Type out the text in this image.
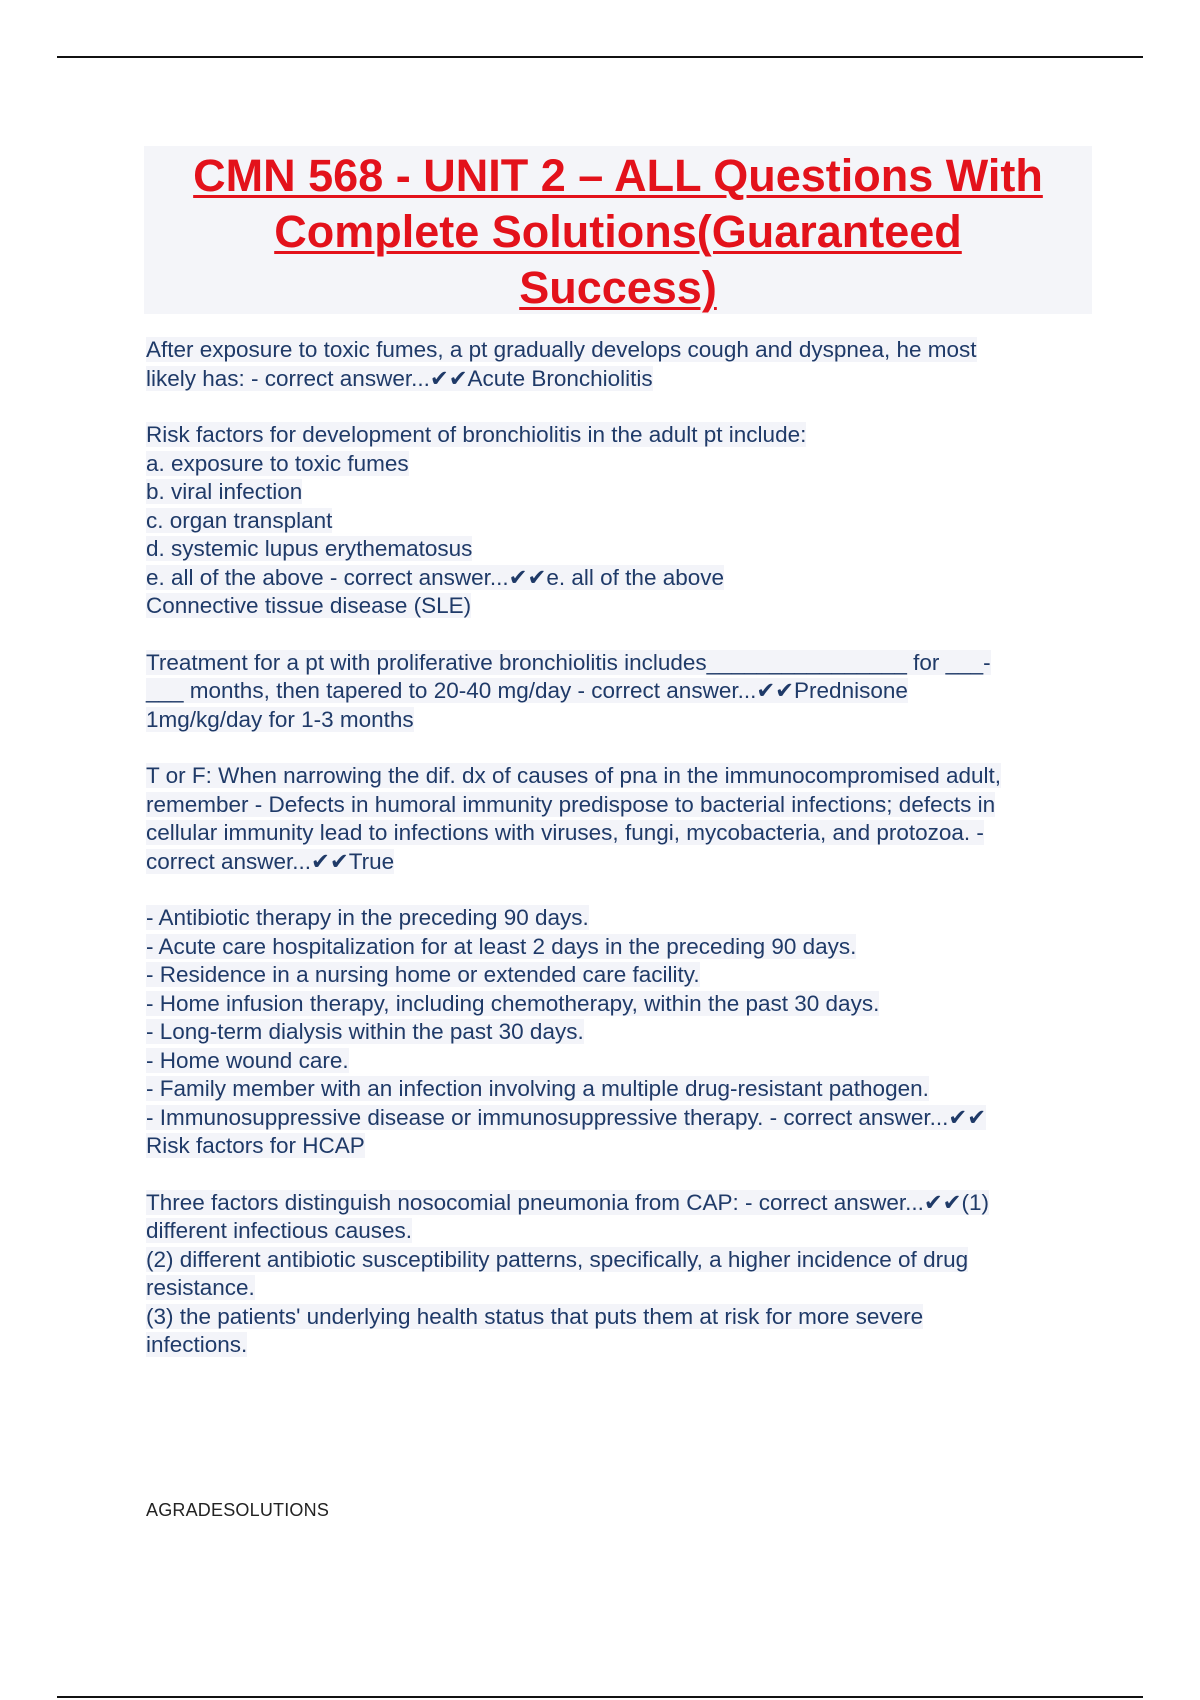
CMN 568 - UNIT 2 – ALL Questions With
Complete Solutions(Guaranteed
Success)
After exposure to toxic fumes, a pt gradually develops cough and dyspnea, he most
likely has: - correct answer...✔✔Acute Bronchiolitis
Risk factors for development of bronchiolitis in the adult pt include:
a. exposure to toxic fumes
b. viral infection
c. organ transplant
d. systemic lupus erythematosus
e. all of the above - correct answer...✔✔e. all of the above
Connective tissue disease (SLE)
Treatment for a pt with proliferative bronchiolitis includes________________ for ___-
___ months, then tapered to 20-40 mg/day - correct answer...✔✔Prednisone
1mg/kg/day for 1-3 months
T or F: When narrowing the dif. dx of causes of pna in the immunocompromised adult,
remember - Defects in humoral immunity predispose to bacterial infections; defects in
cellular immunity lead to infections with viruses, fungi, mycobacteria, and protozoa. -
correct answer...✔✔True
- Antibiotic therapy in the preceding 90 days.
- Acute care hospitalization for at least 2 days in the preceding 90 days.
- Residence in a nursing home or extended care facility.
- Home infusion therapy, including chemotherapy, within the past 30 days.
- Long-term dialysis within the past 30 days.
- Home wound care.
- Family member with an infection involving a multiple drug-resistant pathogen.
- Immunosuppressive disease or immunosuppressive therapy. - correct answer...✔✔
Risk factors for HCAP
Three factors distinguish nosocomial pneumonia from CAP: - correct answer...✔✔(1)
different infectious causes.
(2) different antibiotic susceptibility patterns, specifically, a higher incidence of drug
resistance.
(3) the patients' underlying health status that puts them at risk for more severe
infections.
AGRADESOLUTIONS
